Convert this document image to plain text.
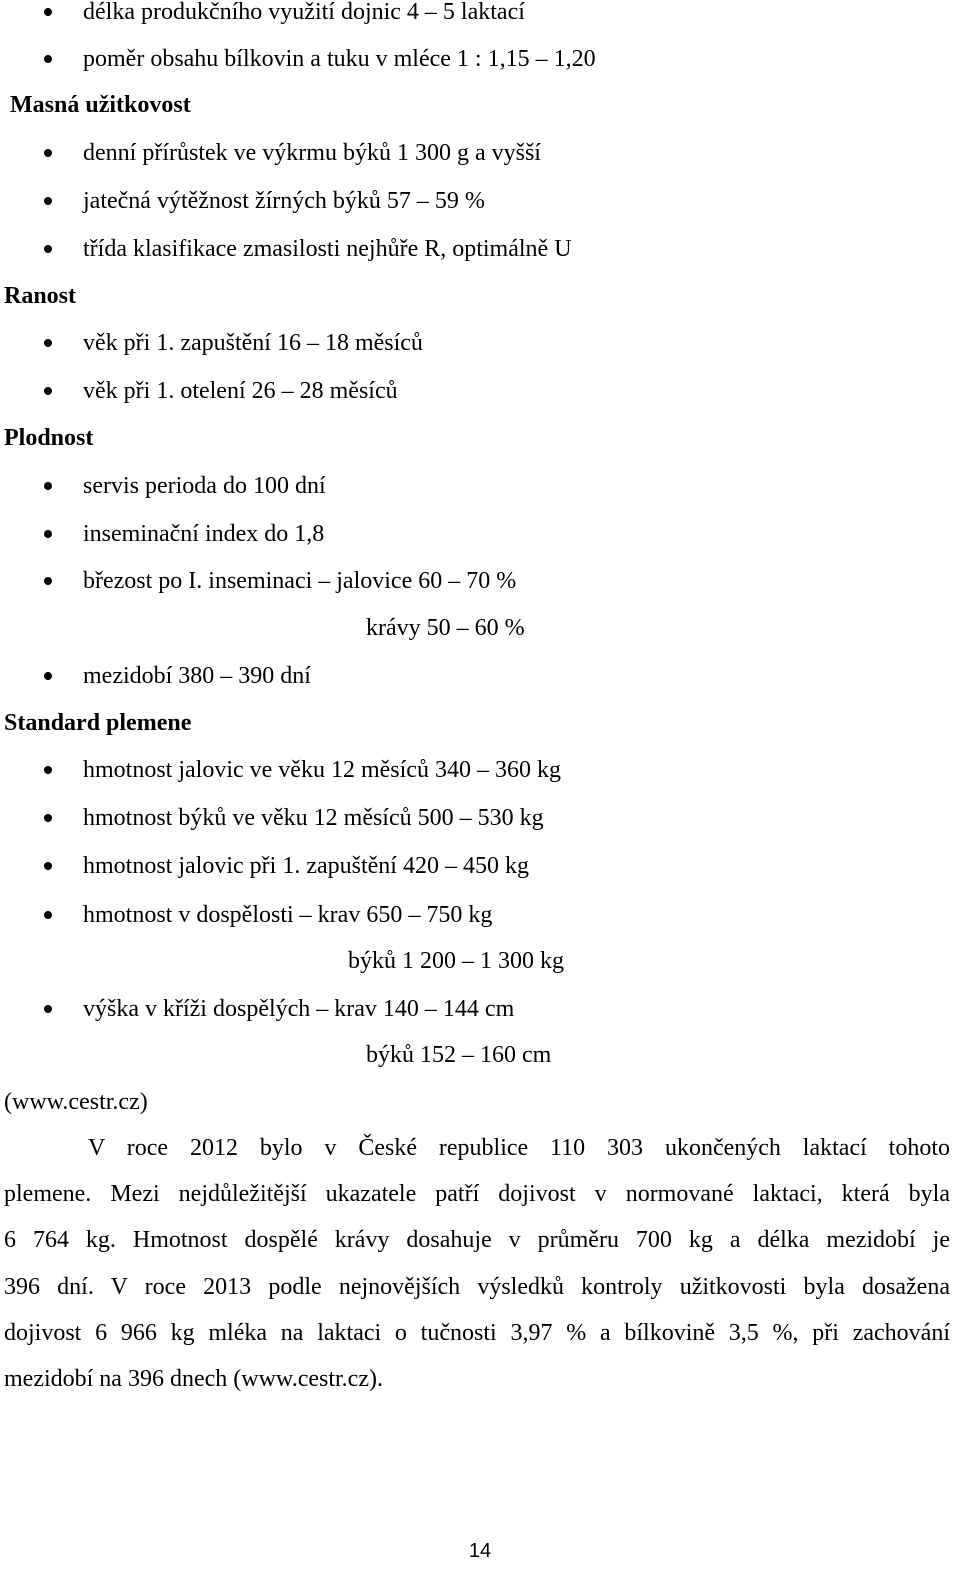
délka produkčního využití dojnic 4 – 5 laktací
poměr obsahu bílkovin a tuku v mléce 1 : 1,15 – 1,20
Masná užitkovost
denní přírůstek ve výkrmu býků 1 300 g a vyšší
jatečná výtěžnost žírných býků 57 – 59 %
třída klasifikace zmasilosti nejhůře R, optimálně U
Ranost
věk při 1. zapuštění 16 – 18 měsíců
věk při 1. otelení 26 – 28 měsíců
Plodnost
servis perioda do 100 dní
inseminační index do 1,8
březost po I. inseminaci – jalovice 60 – 70 %
krávy 50 – 60 %
mezidobí 380 – 390 dní
Standard plemene
hmotnost jalovic ve věku 12 měsíců 340 – 360 kg
hmotnost býků ve věku 12 měsíců 500 – 530 kg
hmotnost jalovic při 1. zapuštění 420 – 450 kg
hmotnost v dospělosti – krav 650 – 750 kg
býků 1 200 – 1 300 kg
výška v kříži dospělých – krav 140 – 144 cm
býků 152 – 160 cm
(www.cestr.cz)
V roce 2012 bylo v České republice 110 303 ukončených laktací tohoto
plemene. Mezi nejdůležitější ukazatele patří dojivost v normované laktaci, která byla
6 764 kg. Hmotnost dospělé krávy dosahuje v průměru 700 kg a délka mezidobí je
396 dní. V roce 2013 podle nejnovějších výsledků kontroly užitkovosti byla dosažena
dojivost 6 966 kg mléka na laktaci o tučnosti 3,97 % a bílkovině 3,5 %, při zachování
mezidobí na 396 dnech (www.cestr.cz).
14
